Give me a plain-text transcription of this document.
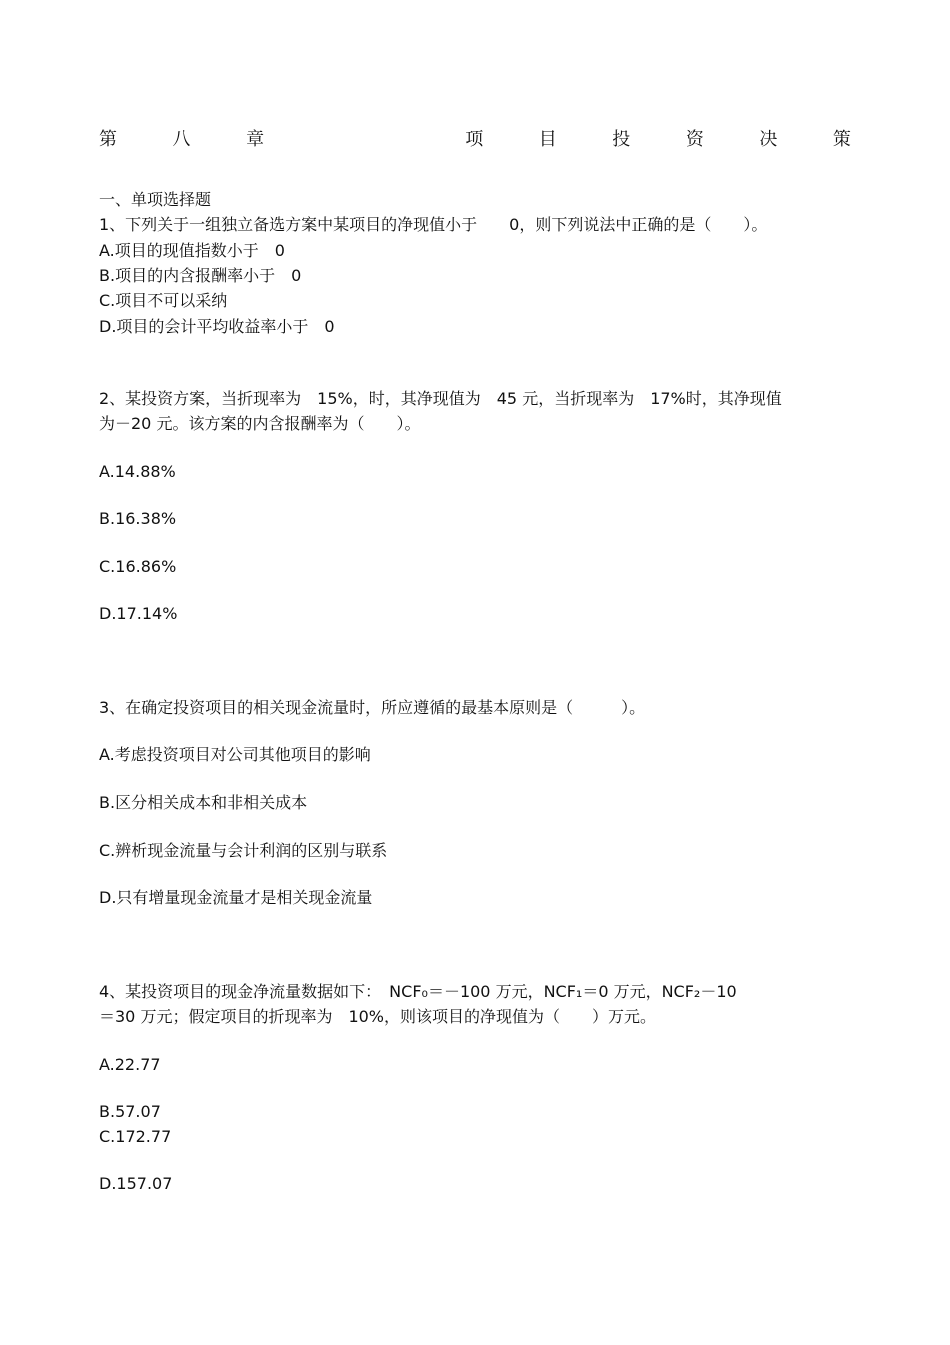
第	八	章	项	目	投	资	决	策
一、单项选择题
1、下列关于一组独立备选方案中某项目的净现值小于　　0，则下列说法中正确的是（　　）。
A.项目的现值指数小于　0
B.项目的内含报酬率小于　0
C.项目不可以采纳
D.项目的会计平均收益率小于　0
2、某投资方案，当折现率为　15%，时，其净现值为　45 元，当折现率为　17%时，其净现值
为－20 元。该方案的内含报酬率为（　　）。
A.14.88%
B.16.38%
C.16.86%
D.17.14%
3、在确定投资项目的相关现金流量时，所应遵循的最基本原则是（　　　）。
A.考虑投资项目对公司其他项目的影响
B.区分相关成本和非相关成本
C.辨析现金流量与会计利润的区别与联系
D.只有增量现金流量才是相关现金流量
4、某投资项目的现金净流量数据如下：　NCF₀＝－100 万元，NCF₁＝0 万元，NCF₂－10
＝30 万元；假定项目的折现率为　10%，则该项目的净现值为（　　）万元。
A.22.77
B.57.07
C.172.77
D.157.07
